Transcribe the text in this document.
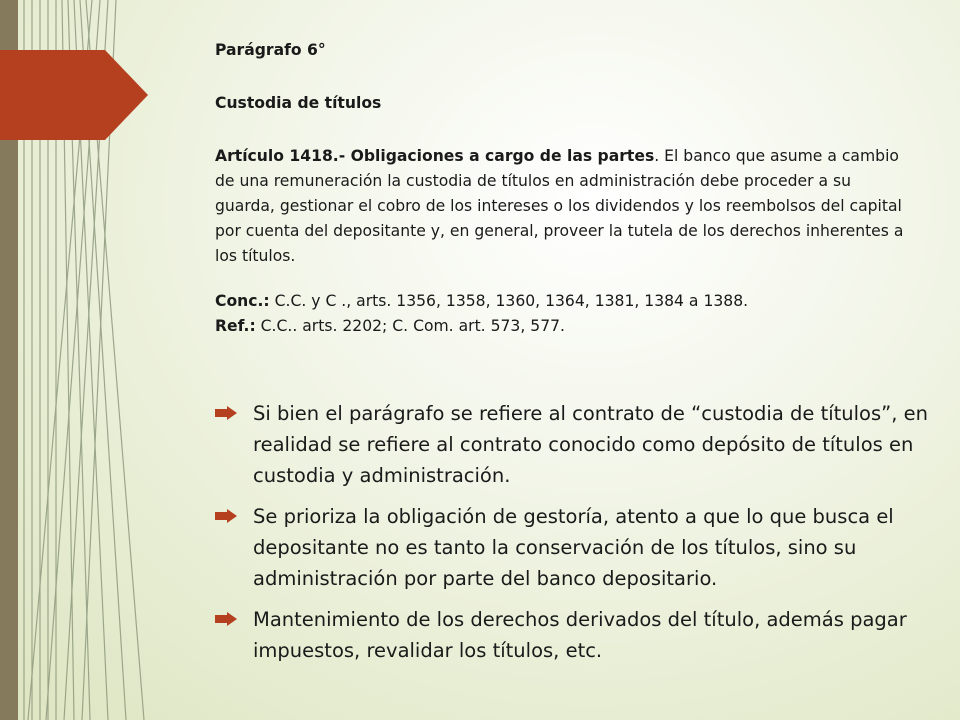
Parágrafo 6°

Custodia de títulos

Artículo 1418.- Obligaciones a cargo de las partes. El banco que asume a cambio de una remuneración la custodia de títulos en administración debe proceder a su guarda, gestionar el cobro de los intereses o los dividendos y los reembolsos del capital por cuenta del depositante y, en general, proveer la tutela de los derechos inherentes a los títulos.

Conc.: C.C. y C ., arts. 1356, 1358, 1360, 1364, 1381, 1384 a 1388.

Ref.: C.C.. arts. 2202; C. Com. art. 573, 577.

Si bien el parágrafo se refiere al contrato de “custodia de títulos”, en realidad se refiere al contrato conocido como depósito de títulos en custodia y administración.
Se prioriza la obligación de gestoría, atento a que lo que busca el depositante no es tanto la conservación de los títulos, sino su administración por parte del banco depositario.
Mantenimiento de los derechos derivados del título, además pagar impuestos, revalidar los títulos, etc.
